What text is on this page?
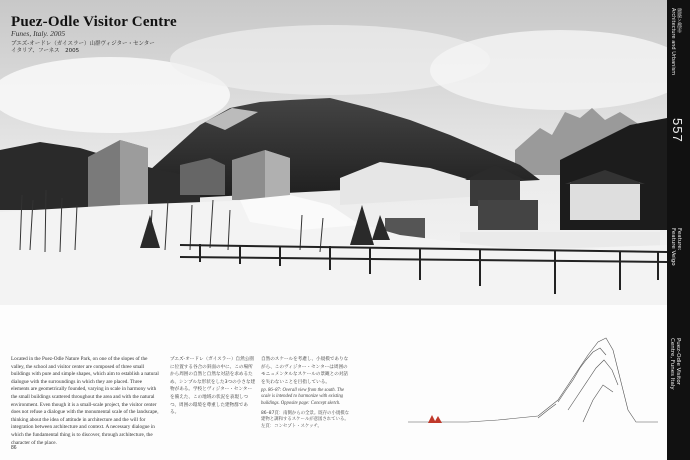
Puez-Odle Visitor Centre
Funes, Italy. 2005
プエズ-オードレ（ガイスラー）山群ヴィジター・センター
イタリア、フーネス　2005
建築と都市
Architecture and Urbanism
557
Feature:
Feature Veigo
Puez-Odle Visitor
Centre, Funes Italy
Located in the Puez-Odle Nature Park, on one of the slopes of the valley, the school and visitor center are composed of three small buildings with pure and simple shapes, which aim to establish a natural dialogue with the surroundings in which they are placed. Three elements are geometrically founded, varying in scale in harmony with the small buildings scattered throughout the area and with the natural environment. Even though it is a small-scale project, the visitor center does not refuse a dialogue with the monumental scale of the landscape, thinking about the idea of attitude in architecture and the will for integration between architecture and context. A necessary dialogue in which the fundamental thing is to discover, through architecture, the character of the place.
プエズ-オードレ（ガイスラー）自然公園に位置する谷合の斜面の中に、この場所から周囲の自然と自然な対話を求めるため、シンプルな形状をした3つの小さな建物がある。学校とヴィジター・センターを備えた、この地域の状況を表現しつつ、周囲の環境を尊重した建物群である。
自然のスケールを考慮し、小規模でありながら、このヴィジター・センターは周囲のモニュメンタルなスケールの景観との対話を失わないことを目指している。
pp. 86–87: Overall view from the south. The scale is intended to harmonize with existing buildings. Opposite page: Concept sketch.
86–87頁：南側からの全景。既存の小規模な建物と調和するスケールが意図されている。左頁：コンセプト・スケッチ。
86
